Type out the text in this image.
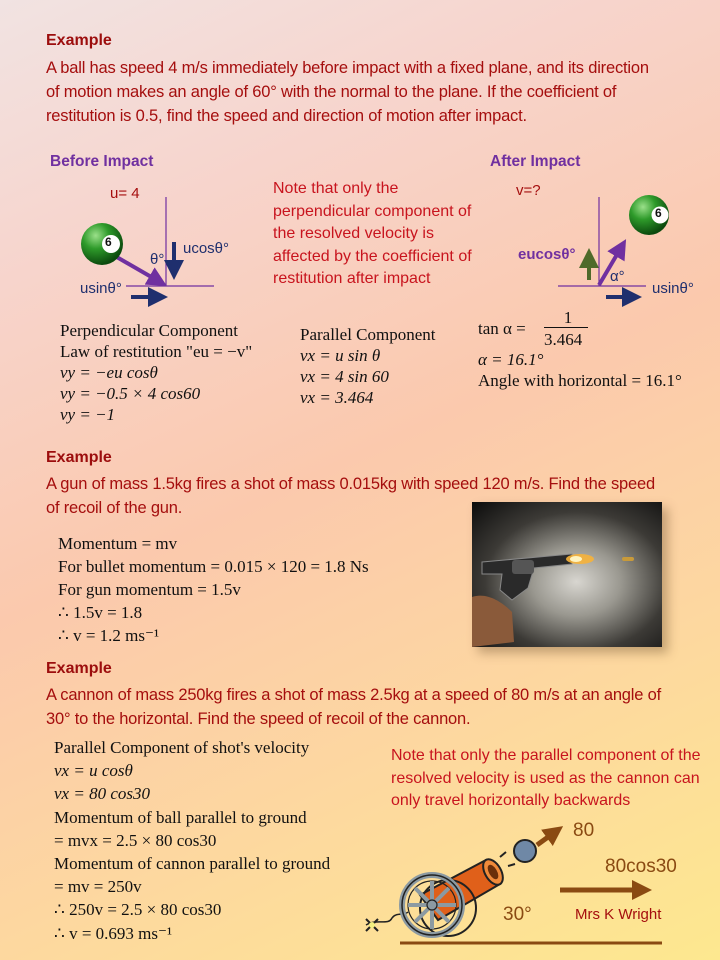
Example
A ball has speed 4 m/s immediately before impact with a fixed plane, and its direction of motion makes an angle of 60° with the normal to the plane. If the coefficient of restitution is 0.5, find the speed and direction of motion after impact.
Before Impact
u= 4
θ°
ucosθ°
usinθ°
6
Note that only the perpendicular component of the resolved velocity is affected by the coefficient of restitution after impact
After Impact
v=?
eucosθ°
α°
usinθ°
6
Perpendicular Component
Law of restitution "eu = −v"
vy = −eu cosθ
vy = −0.5 × 4 cos60
vy = −1
Parallel Component
vx = u sin θ
vx = 4 sin 60
vx = 3.464
tan α =
1
3.464
α = 16.1°
Angle with horizontal = 16.1°
Example
A gun of mass 1.5kg fires a shot of mass 0.015kg with speed 120 m/s. Find the speed of recoil of the gun.
Momentum = mv
For bullet momentum = 0.015 × 120 = 1.8 Ns
For gun momentum = 1.5v
∴ 1.5v = 1.8
∴ v = 1.2 ms⁻¹
Example
A cannon of mass 250kg fires a shot of mass 2.5kg at a speed of 80 m/s at an angle of 30° to the horizontal. Find the speed of recoil of the cannon.
Parallel Component of shot's velocity
vx = u cosθ
vx = 80 cos30
Momentum of ball parallel to ground
= mvx = 2.5 × 80 cos30
Momentum of cannon parallel to ground
= mv = 250v
∴ 250v = 2.5 × 80 cos30
∴ v = 0.693 ms⁻¹
Note that only the parallel component of the resolved velocity is used as the cannon can only travel horizontally backwards
80
80cos30
30°	Mrs K Wright
